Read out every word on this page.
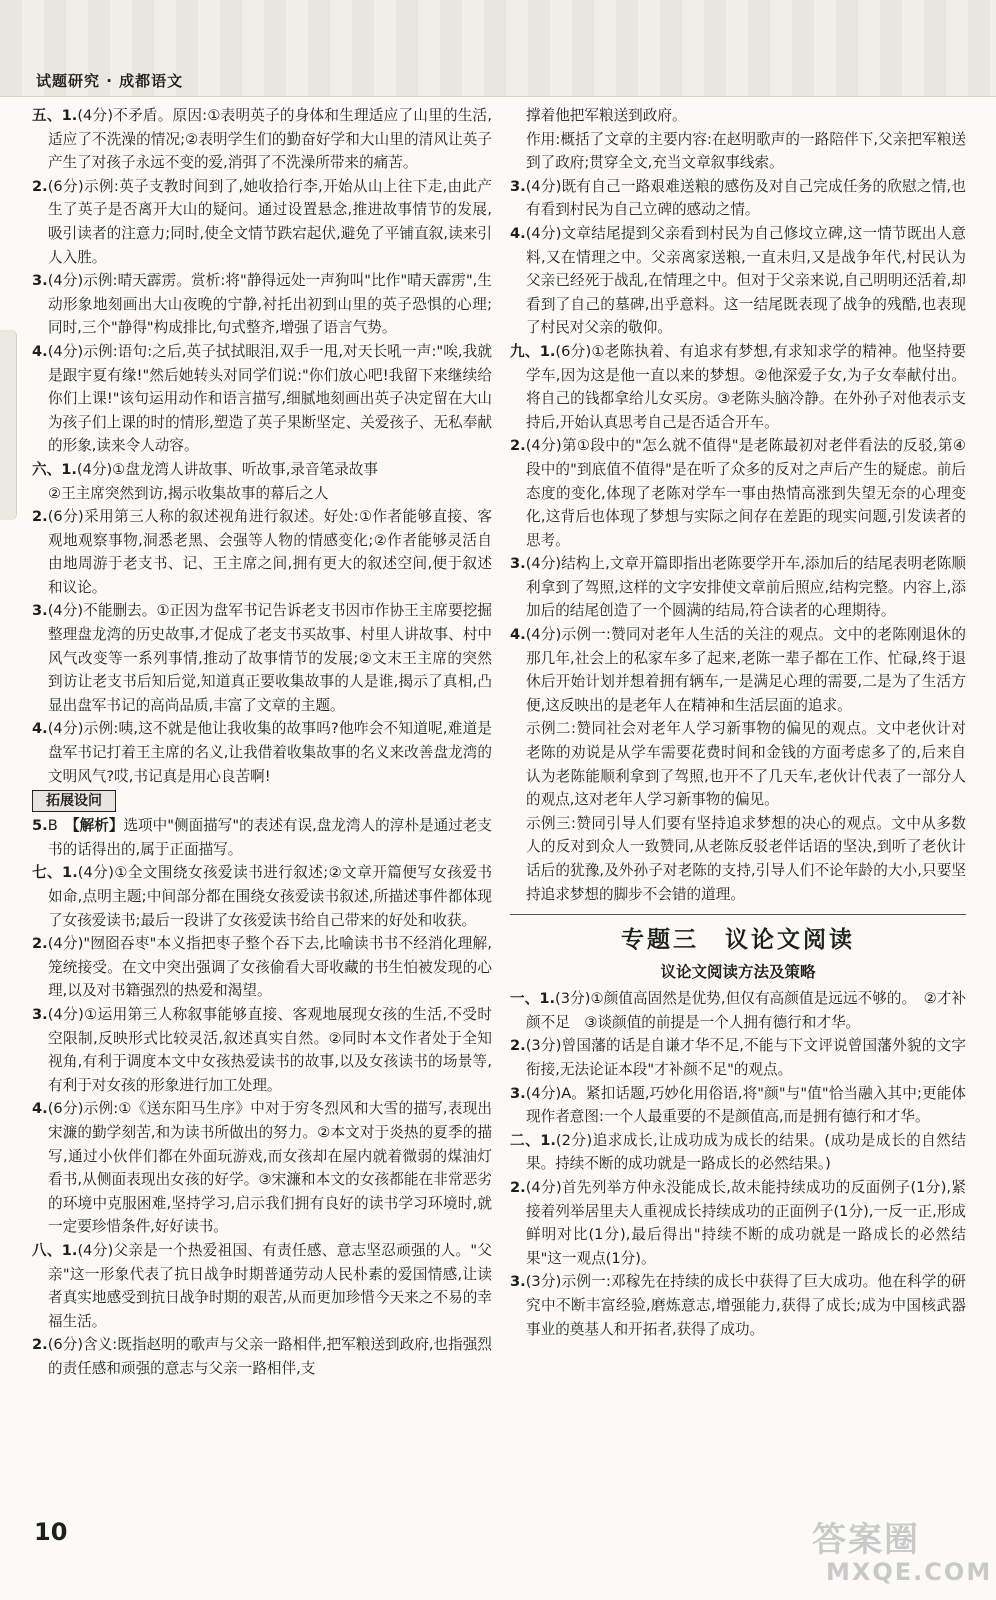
试题研究 · 成都语文

五、1.(4分)不矛盾。原因:①表明英子的身体和生理适应了山里的生活,适应了不洗澡的情况;②表明学生们的勤奋好学和大山里的清风让英子产生了对孩子永远不变的爱,消弭了不洗澡所带来的痛苦。

2.(6分)示例:英子支教时间到了,她收拾行李,开始从山上往下走,由此产生了英子是否离开大山的疑问。通过设置悬念,推进故事情节的发展,吸引读者的注意力;同时,使全文情节跌宕起伏,避免了平铺直叙,读来引人入胜。

3.(4分)示例:晴天霹雳。赏析:将"静得远处一声狗叫"比作"晴天霹雳",生动形象地刻画出大山夜晚的宁静,衬托出初到山里的英子恐惧的心理;同时,三个"静得"构成排比,句式整齐,增强了语言气势。

4.(4分)示例:语句:之后,英子拭拭眼泪,双手一甩,对天长吼一声:"唉,我就是跟宇夏有缘!"然后她转头对同学们说:"你们放心吧!我留下来继续给你们上课!"该句运用动作和语言描写,细腻地刻画出英子决定留在大山为孩子们上课的时的情形,塑造了英子果断坚定、关爱孩子、无私奉献的形象,读来令人动容。

六、1.(4分)①盘龙湾人讲故事、听故事,录音笔录故事

②王主席突然到访,揭示收集故事的幕后之人

2.(6分)采用第三人称的叙述视角进行叙述。好处:①作者能够直接、客观地观察事物,洞悉老黑、会强等人物的情感变化;②作者能够灵活自由地周游于老支书、记、王主席之间,拥有更大的叙述空间,便于叙述和议论。

3.(4分)不能删去。①正因为盘军书记告诉老支书因市作协王主席要挖掘整理盘龙湾的历史故事,才促成了老支书买故事、村里人讲故事、村中风气改变等一系列事情,推动了故事情节的发展;②文末王主席的突然到访让老支书后知后觉,知道真正要收集故事的人是谁,揭示了真相,凸显出盘军书记的高尚品质,丰富了文章的主题。

4.(4分)示例:咦,这不就是他让我收集的故事吗?他咋会不知道呢,难道是盘军书记打着王主席的名义,让我借着收集故事的名义来改善盘龙湾的文明风气?哎,书记真是用心良苦啊!

拓展设问

5.B　 【解析】选项中"侧面描写"的表述有误,盘龙湾人的淳朴是通过老支书的话得出的,属于正面描写。

七、1.(4分)①全文围绕女孩爱读书进行叙述;②文章开篇便写女孩爱书如命,点明主题;中间部分都在围绕女孩爱读书叙述,所描述事件都体现了女孩爱读书;最后一段讲了女孩爱读书给自己带来的好处和收获。

2.(4分)"囫囵吞枣"本义指把枣子整个吞下去,比喻读书书不经消化理解,笼统接受。在文中突出强调了女孩偷看大哥收藏的书生怕被发现的心理,以及对书籍强烈的热爱和渴望。

3.(4分)①运用第三人称叙事能够直接、客观地展现女孩的生活,不受时空限制,反映形式比较灵活,叙述真实自然。②同时本文作者处于全知视角,有利于调度本文中女孩热爱读书的故事,以及女孩读书的场景等,有利于对女孩的形象进行加工处理。

4.(6分)示例:①《送东阳马生序》中对于穷冬烈风和大雪的描写,表现出宋濂的勤学刻苦,和为读书所做出的努力。②本文对于炎热的夏季的描写,通过小伙伴们都在外面玩游戏,而女孩却在屋内就着微弱的煤油灯看书,从侧面表现出女孩的好学。③宋濂和本文的女孩都能在非常恶劣的环境中克服困难,坚持学习,启示我们拥有良好的读书学习环境时,就一定要珍惜条件,好好读书。

八、1.(4分)父亲是一个热爱祖国、有责任感、意志坚忍顽强的人。"父亲"这一形象代表了抗日战争时期普通劳动人民朴素的爱国情感,让读者真实地感受到抗日战争时期的艰苦,从而更加珍惜今天来之不易的幸福生活。

2.(6分)含义:既指赵明的歌声与父亲一路相伴,把军粮送到政府,也指强烈的责任感和顽强的意志与父亲一路相伴,支

撑着他把军粮送到政府。

作用:概括了文章的主要内容:在赵明歌声的一路陪伴下,父亲把军粮送到了政府;贯穿全文,充当文章叙事线索。

3.(4分)既有自己一路艰难送粮的感伤及对自己完成任务的欣慰之情,也有看到村民为自己立碑的感动之情。

4.(4分)文章结尾提到父亲看到村民为自己修坟立碑,这一情节既出人意料,又在情理之中。父亲离家送粮,一直未归,又是战争年代,村民认为父亲已经死于战乱,在情理之中。但对于父亲来说,自己明明还活着,却看到了自己的墓碑,出乎意料。这一结尾既表现了战争的残酷,也表现了村民对父亲的敬仰。

九、1.(6分)①老陈执着、有追求有梦想,有求知求学的精神。他坚持要学车,因为这是他一直以来的梦想。②他深爱子女,为子女奉献付出。将自己的钱都拿给儿女买房。③老陈头脑冷静。在外孙子对他表示支持后,开始认真思考自己是否适合开车。

2.(4分)第①段中的"怎么就不值得"是老陈最初对老伴看法的反驳,第④段中的"到底值不值得"是在听了众多的反对之声后产生的疑虑。前后态度的变化,体现了老陈对学车一事由热情高涨到失望无奈的心理变化,这背后也体现了梦想与实际之间存在差距的现实问题,引发读者的思考。

3.(4分)结构上,文章开篇即指出老陈要学开车,添加后的结尾表明老陈顺利拿到了驾照,这样的文字安排使文章前后照应,结构完整。内容上,添加后的结尾创造了一个圆满的结局,符合读者的心理期待。

4.(4分)示例一:赞同对老年人生活的关注的观点。文中的老陈刚退休的那几年,社会上的私家车多了起来,老陈一辈子都在工作、忙碌,终于退休后开始计划并想着拥有辆车,一是满足心理的需要,二是为了生活方便,这反映出的是老年人在精神和生活层面的追求。

示例二:赞同社会对老年人学习新事物的偏见的观点。文中老伙计对老陈的劝说是从学车需要花费时间和金钱的方面考虑多了的,后来自认为老陈能顺利拿到了驾照,也开不了几天车,老伙计代表了一部分人的观点,这对老年人学习新事物的偏见。

示例三:赞同引导人们要有坚持追求梦想的决心的观点。文中从多数人的反对到众人一致赞同,从老陈反驳老伴话语的坚决,到听了老伙计话后的犹豫,及外孙子对老陈的支持,引导人们不论年龄的大小,只要坚持追求梦想的脚步不会错的道理。

专题三　议论文阅读

议论文阅读方法及策略

一、1.(3分)①颜值高固然是优势,但仅有高颜值是远远不够的。　②才补颜不足　③谈颜值的前提是一个人拥有德行和才华。

2.(3分)曾国藩的话是自谦才华不足,不能与下文评说曾国藩外貌的文字衔接,无法论证本段"才补颜不足"的观点。

3.(4分)A。紧扣话题,巧妙化用俗语,将"颜"与"值"恰当融入其中;更能体现作者意图:一个人最重要的不是颜值高,而是拥有德行和才华。

二、1.(2分)追求成长,让成功成为成长的结果。(成功是成长的自然结果。持续不断的成功就是一路成长的必然结果。)

2.(4分)首先列举方仲永没能成长,故未能持续成功的反面例子(1分),紧接着列举居里夫人重视成长持续成功的正面例子(1分),一反一正,形成鲜明对比(1分),最后得出"持续不断的成功就是一路成长的必然结果"这一观点(1分)。

3.(3分)示例一:邓稼先在持续的成长中获得了巨大成功。他在科学的研究中不断丰富经验,磨炼意志,增强能力,获得了成长;成为中国核武器事业的奠基人和开拓者,获得了成功。

10	答案圈
MXQE.COM
